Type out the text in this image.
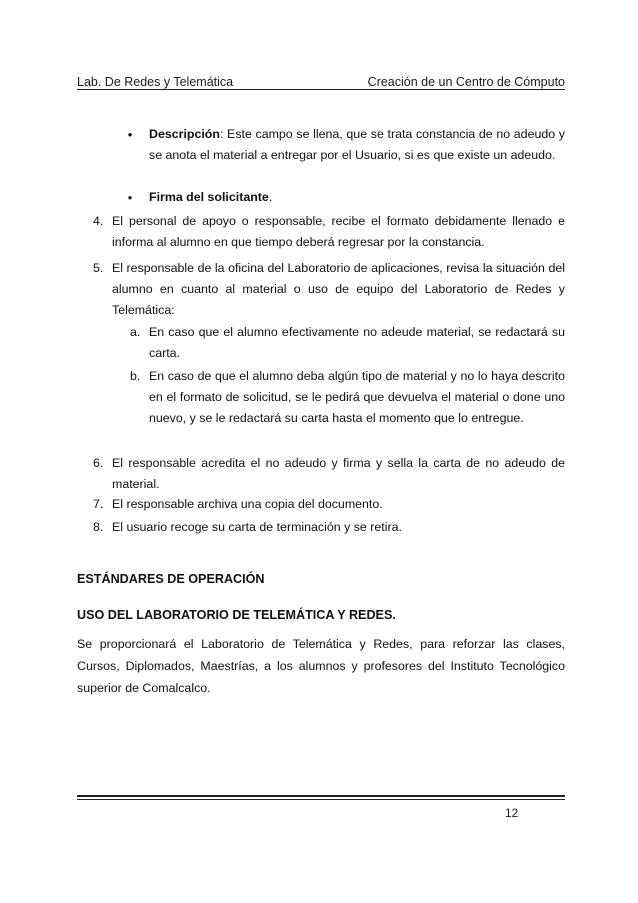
Lab. De Redes y Telemática	Creación de un Centro de Cómputo
• Descripción: Este campo se llena, que se trata constancia de no adeudo y se anota el material a entregar por el Usuario, si es que existe un adeudo.
• Firma del solicitante.
4. El personal de apoyo o responsable, recibe el formato debidamente llenado e informa al alumno en que tiempo deberá regresar por la constancia.
5. El responsable de la oficina del Laboratorio de aplicaciones, revisa la situación del alumno en cuanto al material o uso de equipo del Laboratorio de Redes y Telemática:
a. En caso que el alumno efectivamente no adeude material, se redactará su carta.
b. En caso de que el alumno deba algún tipo de material y no lo haya descrito en el formato de solicitud, se le pedirá que devuelva el material o done uno nuevo, y se le redactará su carta hasta el momento que lo entregue.
6. El responsable acredita el no adeudo y firma y sella la carta de no adeudo de material.
7. El responsable archiva una copia del documento.
8. El usuario recoge su carta de terminación y se retira.
ESTÁNDARES DE OPERACIÓN
USO DEL LABORATORIO DE TELEMÁTICA Y REDES.
Se proporcionará el Laboratorio de Telemática y Redes, para reforzar las clases, Cursos, Diplomados, Maestrías, a los alumnos y profesores del Instituto Tecnológico superior de Comalcalco.
12
